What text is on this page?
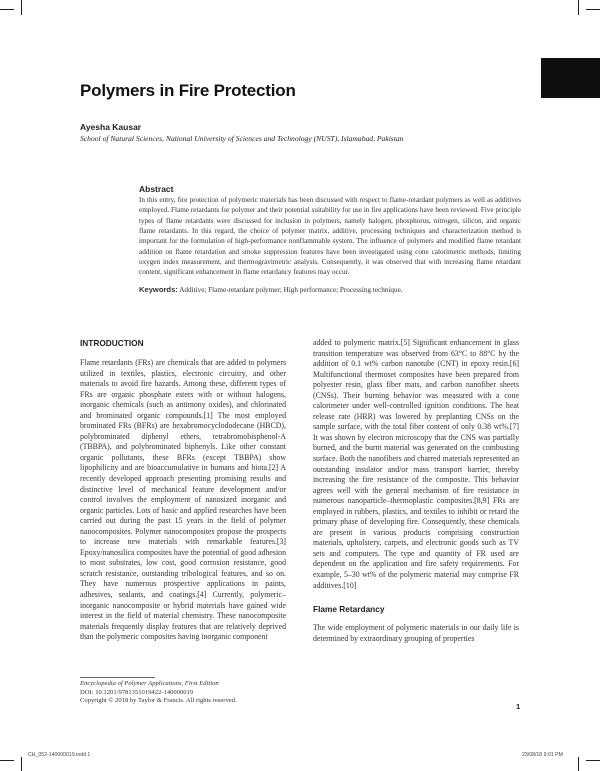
Polymers in Fire Protection
Ayesha Kausar
School of Natural Sciences, National University of Sciences and Technology (NUST), Islamabad, Pakistan
Abstract

In this entry, fire protection of polymeric materials has been discussed with respect to flame-retardant polymers as well as additives employed. Flame retardants for polymer and their potential suitability for use in fire applications have been reviewed. Five principle types of flame retardants were discussed for inclusion in polymers, namely halogen, phosphorus, nitrogen, silicon, and organic flame retardants. In this regard, the choice of polymer matrix, additive, processing techniques and characterization method is important for the formulation of high-performance nonflammable system. The influence of polymers and modified flame retardant addition on flame retardation and smoke suppression features have been investigated using cone calorimetric methods, limiting oxygen index measurement, and thermogravimetric analysis. Consequently, it was observed that with increasing flame retardant content, significant enhancement in flame retardancy features may occur.

Keywords: Additive; Flame-retardant polymer; High performance; Processing technique.

INTRODUCTION

Flame retardants (FRs) are chemicals that are added to polymers utilized in textiles, plastics, electronic circuitry, and other materials to avoid fire hazards. Among these, different types of FRs are organic phosphate esters with or without halogens, inorganic chemicals (such as antimony oxides), and chlorinated and brominated organic compounds.[1] The most employed brominated FRs (BFRs) are hexabromocyclododecane (HBCD), polybrominated diphenyl ethers, tetrabromobisphenol-A (TBBPA), and polybrominated biphenyls. Like other constant organic pollutants, these BFRs (except TBBPA) show lipophilicity and are bioaccumulative in humans and biota.[2] A recently developed approach presenting promising results and distinctive level of mechanical feature development and/or control involves the employment of nanosized inorganic and organic particles. Lots of basic and applied researches have been carried out during the past 15 years in the field of polymer nanocomposites. Polymer nanocomposites propose the prospects to increase new materials with remarkable features.[3] Epoxy/nanosilica composites have the potential of good adhesion to most substrates, low cost, good corrosion resistance, good scratch resistance, outstanding tribological features, and so on. They have numerous prospective applications in paints, adhesives, sealants, and coatings.[4] Currently, polymeric–inorganic nanocomposite or hybrid materials have gained wide interest in the field of material chemistry. These nanocomposite materials frequently display features that are relatively deprived than the polymeric composites having inorganic component

added to polymeric matrix.[5] Significant enhancement in glass transition temperature was observed from 63°C to 88°C by the addition of 0.1 wt% carbon nanotube (CNT) in epoxy resin.[6] Multifunctional thermoset composites have been prepared from polyester resin, glass fiber mats, and carbon nanofiber sheets (CNSs). Their burning behavior was measured with a cone calorimeter under well-controlled ignition conditions. The heat release rate (HRR) was lowered by preplanting CNSs on the sample surface, with the total fiber content of only 0.38 wt%.[7] It was shown by electron microscopy that the CNS was partially burned, and the burnt material was generated on the combusting surface. Both the nanofibers and charred materials represented an outstanding insulator and/or mass transport barrier, thereby increasing the fire resistance of the composite. This behavior agrees well with the general mechanism of fire resistance in numerous nanoparticle–thermoplastic composites.[8,9] FRs are employed in rubbers, plastics, and textiles to inhibit or retard the primary phase of developing fire. Consequently, these chemicals are present in various products comprising construction materials, upholstery, carpets, and electronic goods such as TV sets and computers. The type and quantity of FR used are dependent on the application and fire safety requirements. For example, 5–30 wt% of the polymeric material may comprise FR additives.[10]

Flame Retardancy

The wide employment of polymeric materials in our daily life is determined by extraordinary grouping of properties

Encyclopedia of Polymer Applications, First Edition
DOI: 10.1201/9781351019422-140000019
Copyright © 2018 by Taylor & Francis. All rights reserved.
1
CH_052-140000019.indd 1	23/08/18 9:01 PM
